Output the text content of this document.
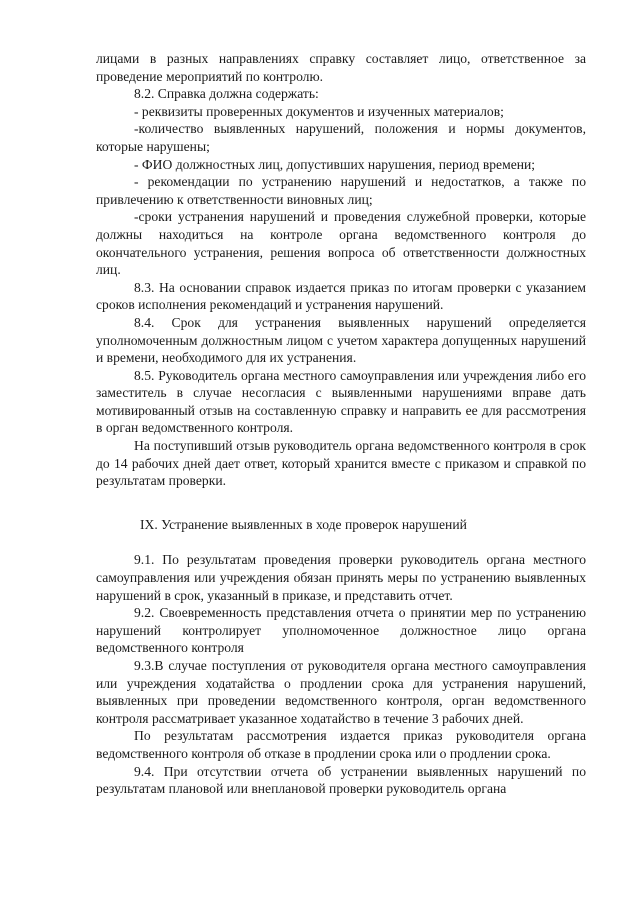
лицами в разных направлениях справку составляет лицо, ответственное за проведение мероприятий по контролю.

8.2. Справка должна содержать:

- реквизиты проверенных документов и изученных материалов;

-количество выявленных нарушений, положения и нормы документов, которые нарушены;

- ФИО должностных лиц, допустивших нарушения, период времени;

- рекомендации по устранению нарушений и недостатков, а также по привлечению к ответственности виновных лиц;

-сроки устранения нарушений и проведения служебной проверки, которые должны находиться на контроле органа ведомственного контроля до окончательного устранения, решения вопроса об ответственности должностных лиц.

8.3. На основании справок издается приказ по итогам проверки с указанием сроков исполнения рекомендаций и устранения нарушений.

8.4. Срок для устранения выявленных нарушений определяется уполномоченным должностным лицом с учетом характера допущенных нарушений и времени, необходимого для их устранения.

8.5. Руководитель органа местного самоуправления или учреждения либо его заместитель в случае несогласия с выявленными нарушениями вправе дать мотивированный отзыв на составленную справку и направить ее для рассмотрения в орган ведомственного контроля.

На поступивший отзыв руководитель органа ведомственного контроля в срок до 14 рабочих дней дает ответ, который хранится вместе с приказом и справкой по результатам проверки.

IX. Устранение выявленных в ходе проверок нарушений

9.1. По результатам проведения проверки руководитель органа местного самоуправления или учреждения обязан принять меры по устранению выявленных нарушений в срок, указанный в приказе, и представить отчет.

9.2. Своевременность представления отчета о принятии мер по устранению нарушений контролирует уполномоченное должностное лицо органа ведомственного контроля

9.3.В случае поступления от руководителя органа местного самоуправления или учреждения ходатайства о продлении срока для устранения нарушений, выявленных при проведении ведомственного контроля, орган ведомственного контроля рассматривает указанное ходатайство в течение 3 рабочих дней.

По результатам рассмотрения издается приказ руководителя органа ведомственного контроля об отказе в продлении срока или о продлении срока.

9.4. При отсутствии отчета об устранении выявленных нарушений по результатам плановой или внеплановой проверки руководитель органа
